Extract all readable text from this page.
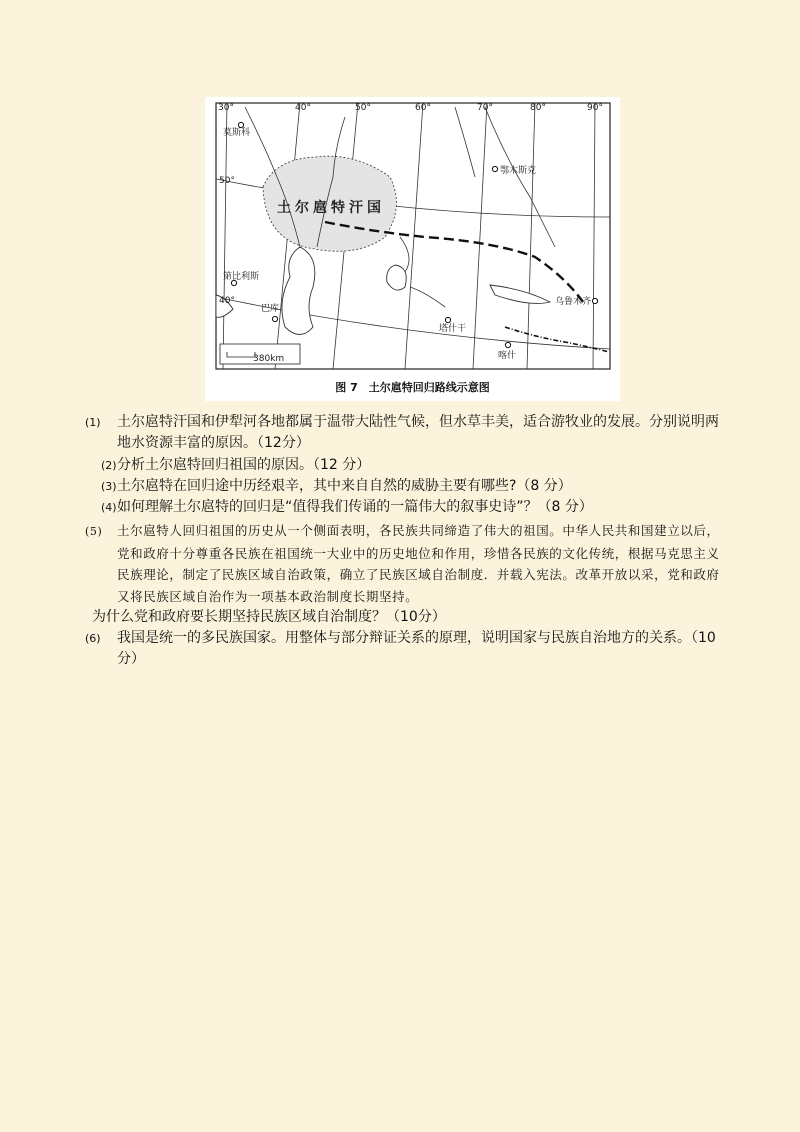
30°	40°	50°	60°	70°	80°	90°
50°
40°
莫斯科
第比利斯
巴库
鄂木斯克
乌鲁木齐
喀什
塔什干
380km
土尔扈特汗国
图 7　土尔扈特回归路线示意图
(1) 土尔扈特汗国和伊犁河各地都属于温带大陆性气候，但水草丰美，适合游牧业的发展。分别说明两地水资源丰富的原因。（12分）
(2)分析土尔扈特回归祖国的原因。（12 分）
(3)土尔扈特在回归途中历经艰辛，其中来自自然的威胁主要有哪些?（8 分）
(4)如何理解土尔扈特的回归是“值得我们传诵的一篇伟大的叙事史诗”？（8 分）
(5) 土尔扈特人回归祖国的历史从一个侧面表明，各民族共同缔造了伟大的祖国。中华人民共和国建立以后，党和政府十分尊重各民族在祖国统一大业中的历史地位和作用，珍惜各民族的文化传统，根据马克思主义民族理论，制定了民族区域自治政策，确立了民族区域自治制度．并载入宪法。改革开放以采，党和政府又将民族区域自治作为一项基本政治制度长期坚持。
为什么党和政府要长期坚持民族区域自治制度？（10分）
(6) 我国是统一的多民族国家。用整体与部分辩证关系的原理，说明国家与民族自治地方的关系。（10分）
